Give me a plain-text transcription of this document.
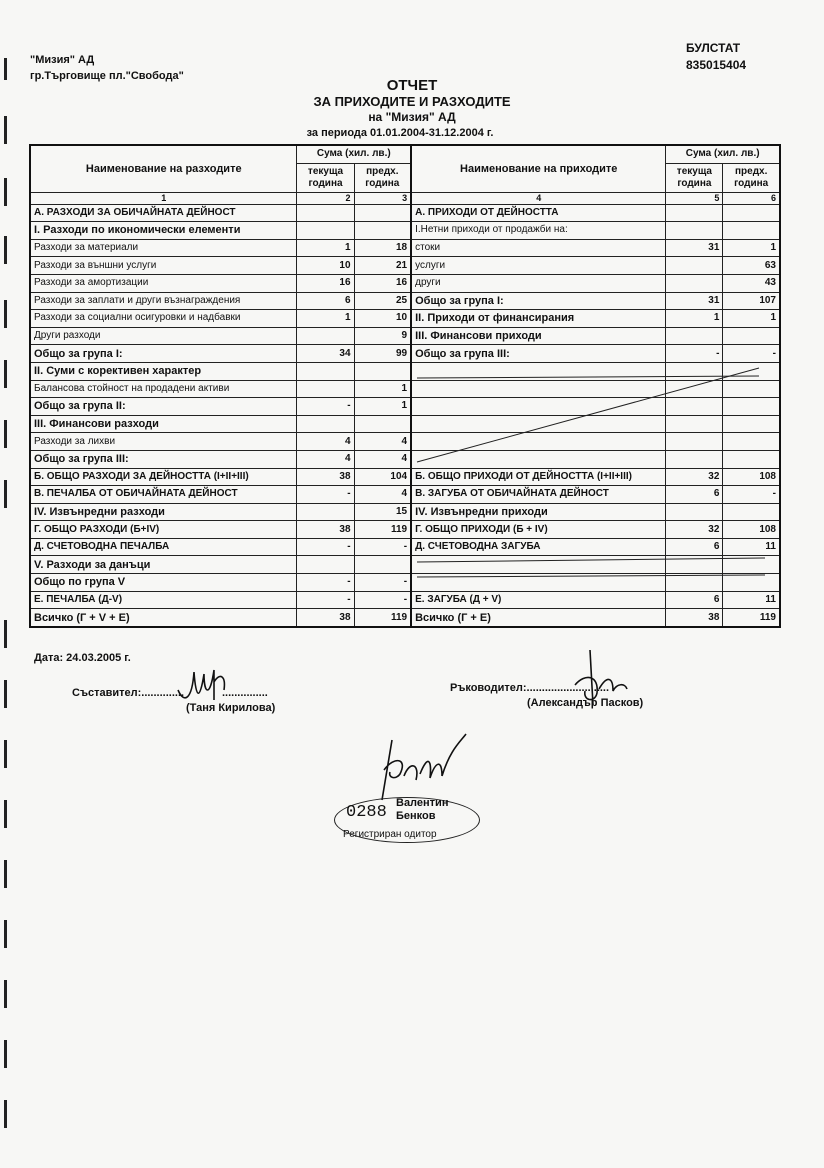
"Мизия" АД
гр.Търговище пл."Свобода"
БУЛСТАТ
835015404
ОТЧЕТ
ЗА ПРИХОДИТЕ И РАЗХОДИТЕ
на "Мизия" АД
за периода 01.01.2004-31.12.2004 г.
Наименование на разходите	Сума (хил. лв.)		Наименование на приходите	Сума (хил. лв.)	
	текуща година	предх. година		текуща година	предх. година
1	2	3	4	5	6
А. РАЗХОДИ ЗА ОБИЧАЙНАТА ДЕЙНОСТ			А. ПРИХОДИ ОТ ДЕЙНОСТТА		
I. Разходи по икономически елементи			I.Нетни приходи от продажби на:		
Разходи за материали	1	18	стоки	31	1
Разходи за външни услуги	10	21	услуги		63
Разходи за амортизации	16	16	други		43
Разходи за заплати и други възнаграждения	6	25	Общо за група I:	31	107
Разходи за социални осигуровки и надбавки	1	10	II. Приходи от финансирания	1	1
Други разходи		9	III. Финансови приходи		
Общо за група I:	34	99	Общо за група III:	-	-
II. Суми с корективен характер					
Балансова стойност на продадени активи		1			
Общо за група II:	-	1			
III. Финансови разходи					
Разходи за лихви	4	4			
Общо за група III:	4	4			
Б. ОБЩО РАЗХОДИ ЗА ДЕЙНОСТТА (I+II+III)	38	104	Б. ОБЩО ПРИХОДИ ОТ ДЕЙНОСТТА (I+II+III)	32	108
В. ПЕЧАЛБА ОТ ОБИЧАЙНАТА ДЕЙНОСТ	-	4	В. ЗАГУБА ОТ ОБИЧАЙНАТА ДЕЙНОСТ	6	-
IV. Извънредни разходи		15	IV. Извънредни приходи		
Г. ОБЩО РАЗХОДИ (Б+IV)	38	119	Г. ОБЩО ПРИХОДИ (Б + IV)	32	108
Д. СЧЕТОВОДНА ПЕЧАЛБА	-	-	Д. СЧЕТОВОДНА ЗАГУБА	6	11
V. Разходи за данъци					
Общо по група V	-	-			
Е. ПЕЧАЛБА (Д-V)	-	-	Е. ЗАГУБА (Д + V)	6	11
Всичко (Г + V + Е)	38	119	Всичко (Г + Е)	38	119
Дата: 24.03.2005 г.
Съставител:..............	...............
(Таня Кирилова)
Ръководител:...........................
(Александър Пасков)
0288 Валентин
Бенков
Регистриран одитор
